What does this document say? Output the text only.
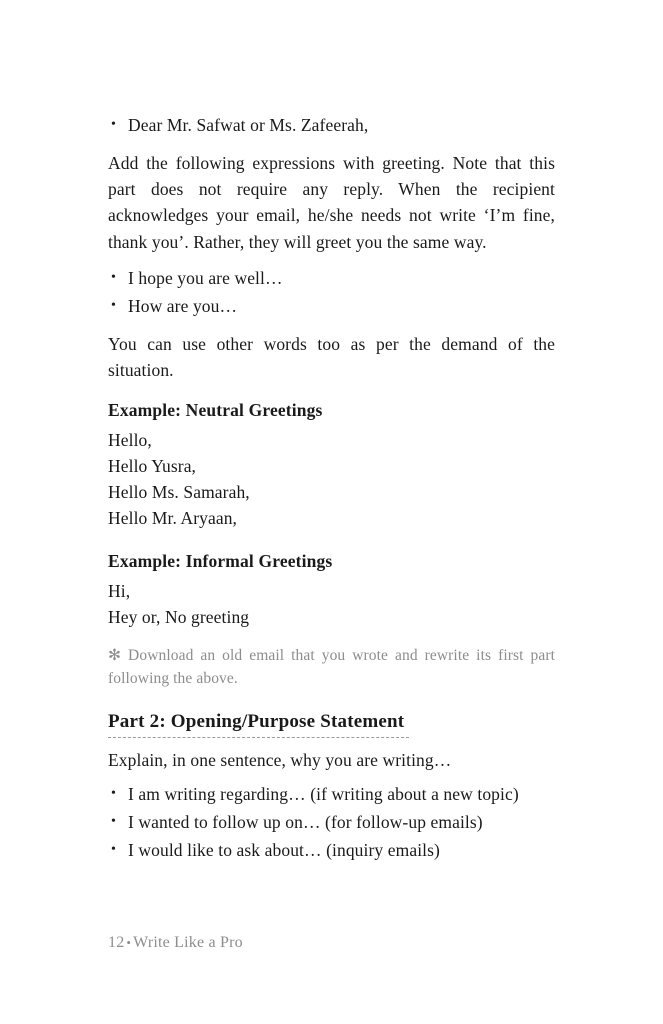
• Dear Mr. Safwat or Ms. Zafeerah,

Add the following expressions with greeting. Note that this part does not require any reply. When the recipient acknowledges your email, he/she needs not write ‘I’m fine, thank you’. Rather, they will greet you the same way.

• I hope you are well…
• How are you…

You can use other words too as per the demand of the situation.

Example: Neutral Greetings

Hello,

Hello Yusra,

Hello Ms. Samarah,

Hello Mr. Aryaan,

Example: Informal Greetings

Hi,

Hey or, No greeting

✻ Download an old email that you wrote and rewrite its first part following the above.

Part 2: Opening/Purpose Statement

Explain, in one sentence, why you are writing…

• I am writing regarding… (if writing about a new topic)
• I wanted to follow up on… (for follow-up emails)
• I would like to ask about… (inquiry emails)
12 • Write Like a Pro
